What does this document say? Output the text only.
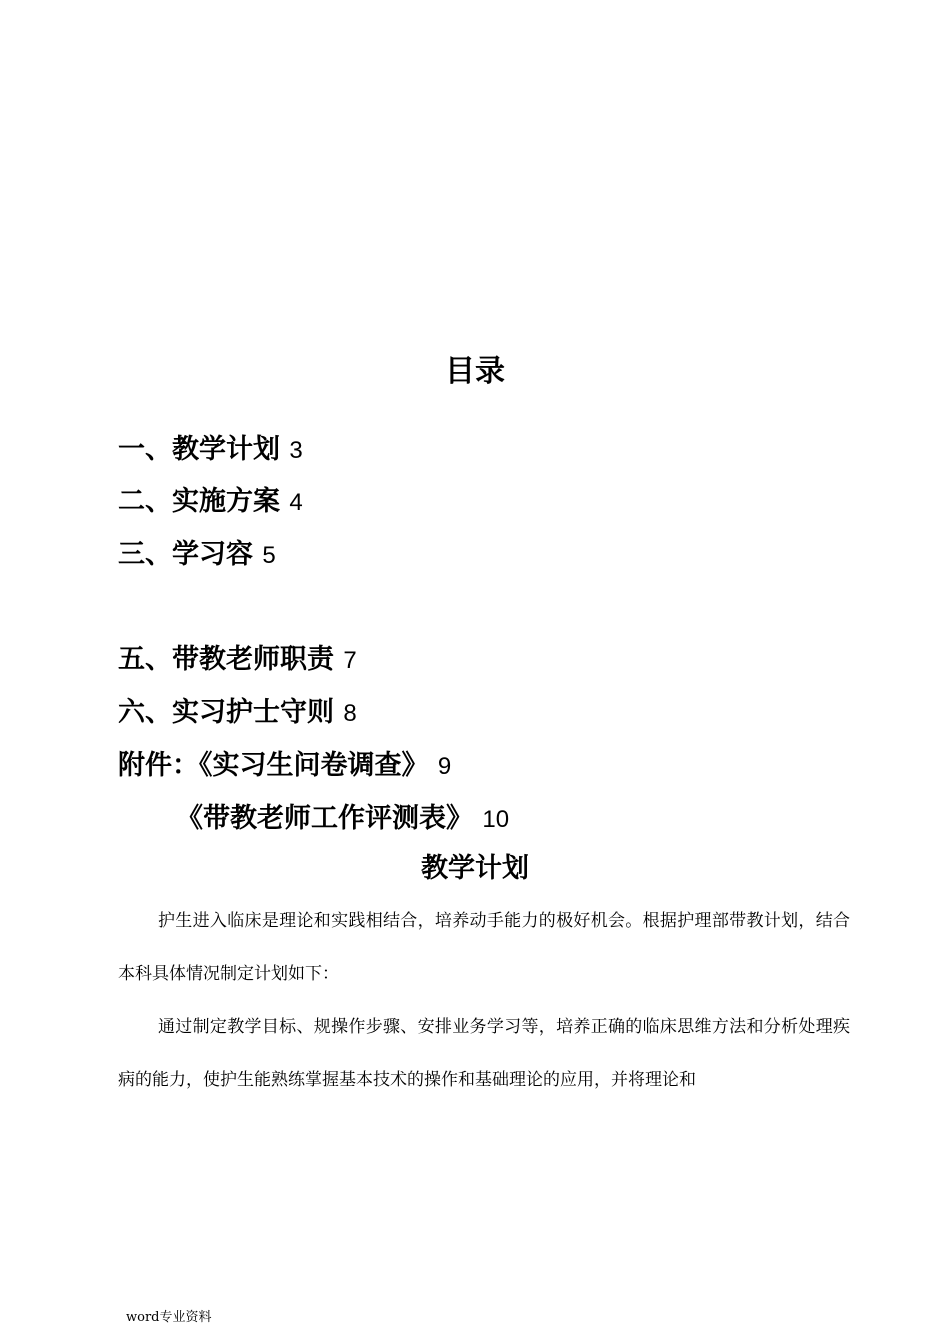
目录
一、教学计划 3
二、实施方案 4
三、学习容 5
五、带教老师职责 7
六、实习护士守则 8
附件：《实习生问卷调查》 9
《带教老师工作评测表》 10
教学计划

护生进入临床是理论和实践相结合，培养动手能力的极好机会。根据护理部带教计划，结合本科具体情况制定计划如下：

通过制定教学目标、规操作步骤、安排业务学习等，培养正确的临床思维方法和分析处理疾病的能力，使护生能熟练掌握基本技术的操作和基础理论的应用，并将理论和

word专业资料
